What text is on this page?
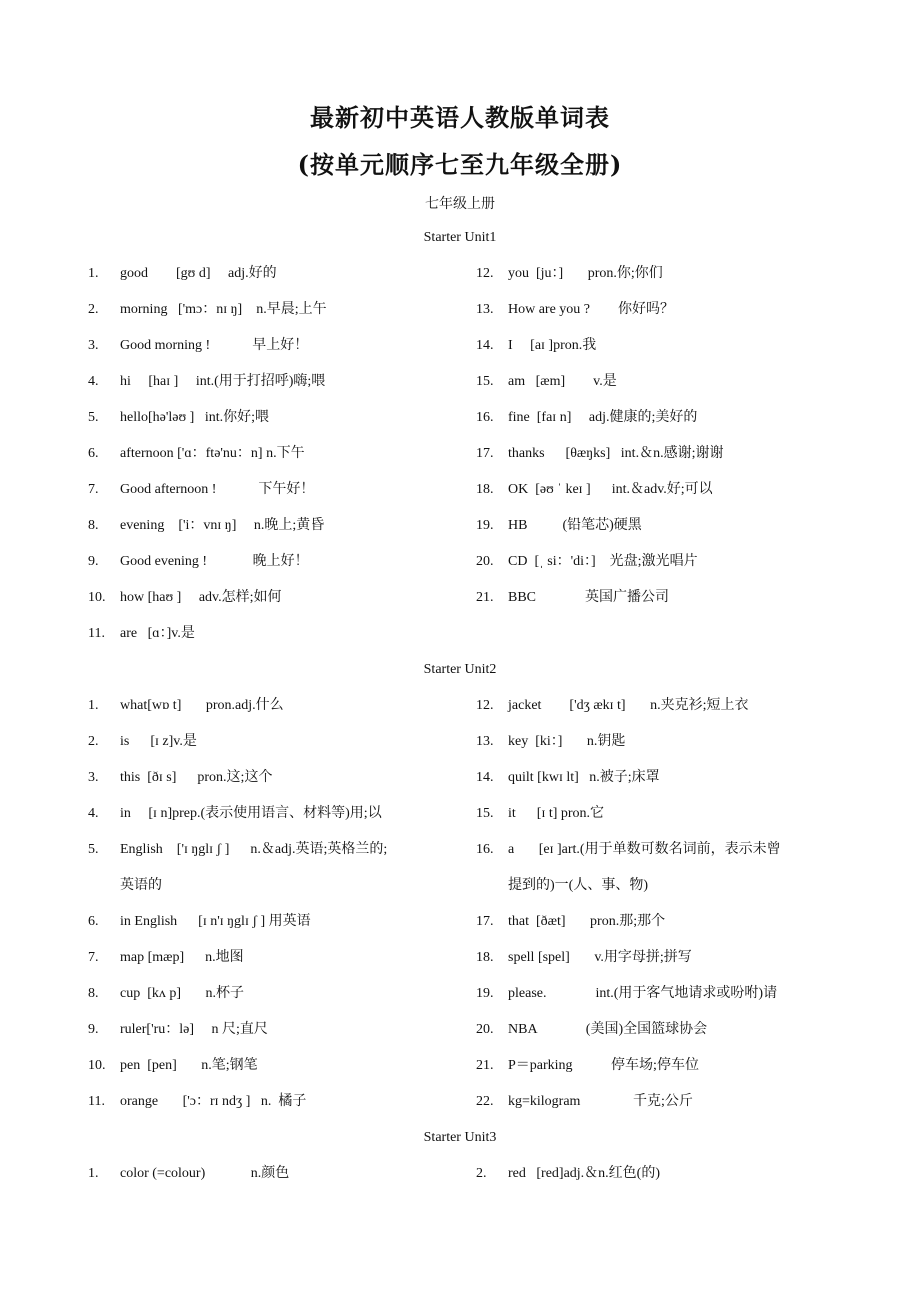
最新初中英语人教版单词表
(按单元顺序七至九年级全册)
七年级上册
Starter Unit1
1. good        [gʊ d]     adj.好的
2. morning   ['mɔ：nɪ ŋ]    n.早晨;上午
3. Good morning !            早上好！
4. hi     [haɪ ]     int.(用于打招呼)嗨;喂
5. hello[hə'ləʊ ]   int.你好;喂
6. afternoon ['ɑ：ftə'nu：n] n.下午
7. Good afternoon !            下午好！
8. evening    ['i：vnɪ ŋ]     n.晚上;黄昏
9. Good evening !             晚上好！
10. how [haʊ ]     adv.怎样;如何
11. are   [ɑ：]v.是
12. you  [ju：]       pron.你;你们
13. How are you ?        你好吗？
14. I     [aɪ ]pron.我
15. am   [æm]        v.是
16. fine  [faɪ n]     adj.健康的;美好的
17. thanks      [θæŋks]   int.＆n.感谢;谢谢
18. OK  [əʊ ˈ keɪ ]      int.＆adv.好;可以
19. HB          (铅笔芯)硬黑
20. CD  [ˌ si：'di：]    光盘;激光唱片
21. BBC              英国广播公司
Starter Unit2
1. what[wɒ t]       pron.adj.什么
2. is      [ɪ z]v.是
3. this  [ðɪ s]      pron.这;这个
4. in     [ɪ n]prep.(表示使用语言、材料等)用;以
5. English    ['ɪ ŋglɪ ʃ ]      n.＆adj.英语;英格兰的;
6. in English      [ɪ n'ɪ ŋglɪ ʃ ] 用英语
7. map [mæp]      n.地图
8. cup  [kʌ p]       n.杯子
9. ruler['ru：lə]     n 尺;直尺
10. pen  [pen]       n.笔;钢笔
11. orange       ['ɔ：rɪ ndʒ ]   n.  橘子
12. jacket        ['dʒ ækɪ t]       n.夹克衫;短上衣
13. key  [ki：]       n.钥匙
14. quilt [kwɪ lt]   n.被子;床罩
15. it      [ɪ t] pron.它
16. a       [eɪ ]art.(用于单数可数名词前，表示未曾
17. that  [ðæt]       pron.那;那个
18. spell [spel]       v.用字母拼;拼写
19. please.              int.(用于客气地请求或吩咐)请
20. NBA              (美国)全国篮球协会
21. P＝parking           停车场;停车位
22. kg=kilogram               千克;公斤
英语的	提到的)一(人、事、物)
Starter Unit3
1. color (=colour)             n.颜色	2. red   [red]adj.＆n.红色(的)
